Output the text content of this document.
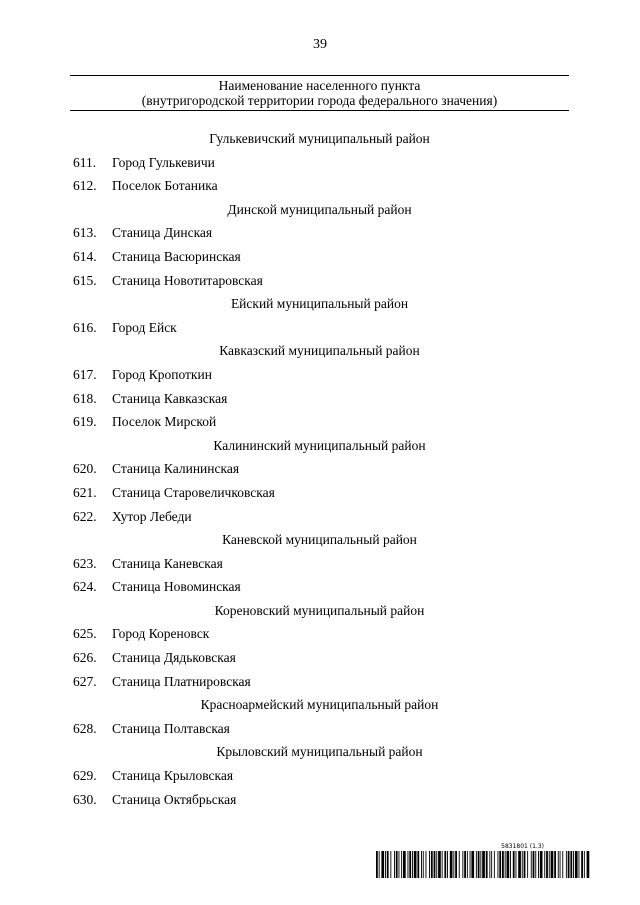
39
Наименование населенного пункта
(внутригородской территории города федерального значения)
Гулькевичский муниципальный район
611.	Город Гулькевичи
612.	Поселок Ботаника
Динской муниципальный район
613.	Станица Динская
614.	Станица Васюринская
615.	Станица Новотитаровская
Ейский муниципальный район
616.	Город Ейск
Кавказский муниципальный район
617.	Город Кропоткин
618.	Станица Кавказская
619.	Поселок Мирской
Калининский муниципальный район
620.	Станица Калининская
621.	Станица Старовеличковская
622.	Хутор Лебеди
Каневской муниципальный район
623.	Станица Каневская
624.	Станица Новоминская
Кореновский муниципальный район
625.	Город Кореновск
626.	Станица Дядьковская
627.	Станица Платнировская
Красноармейский муниципальный район
628.	Станица Полтавская
Крыловский муниципальный район
629.	Станица Крыловская
630.	Станица Октябрьская
5831801 (1.3)
